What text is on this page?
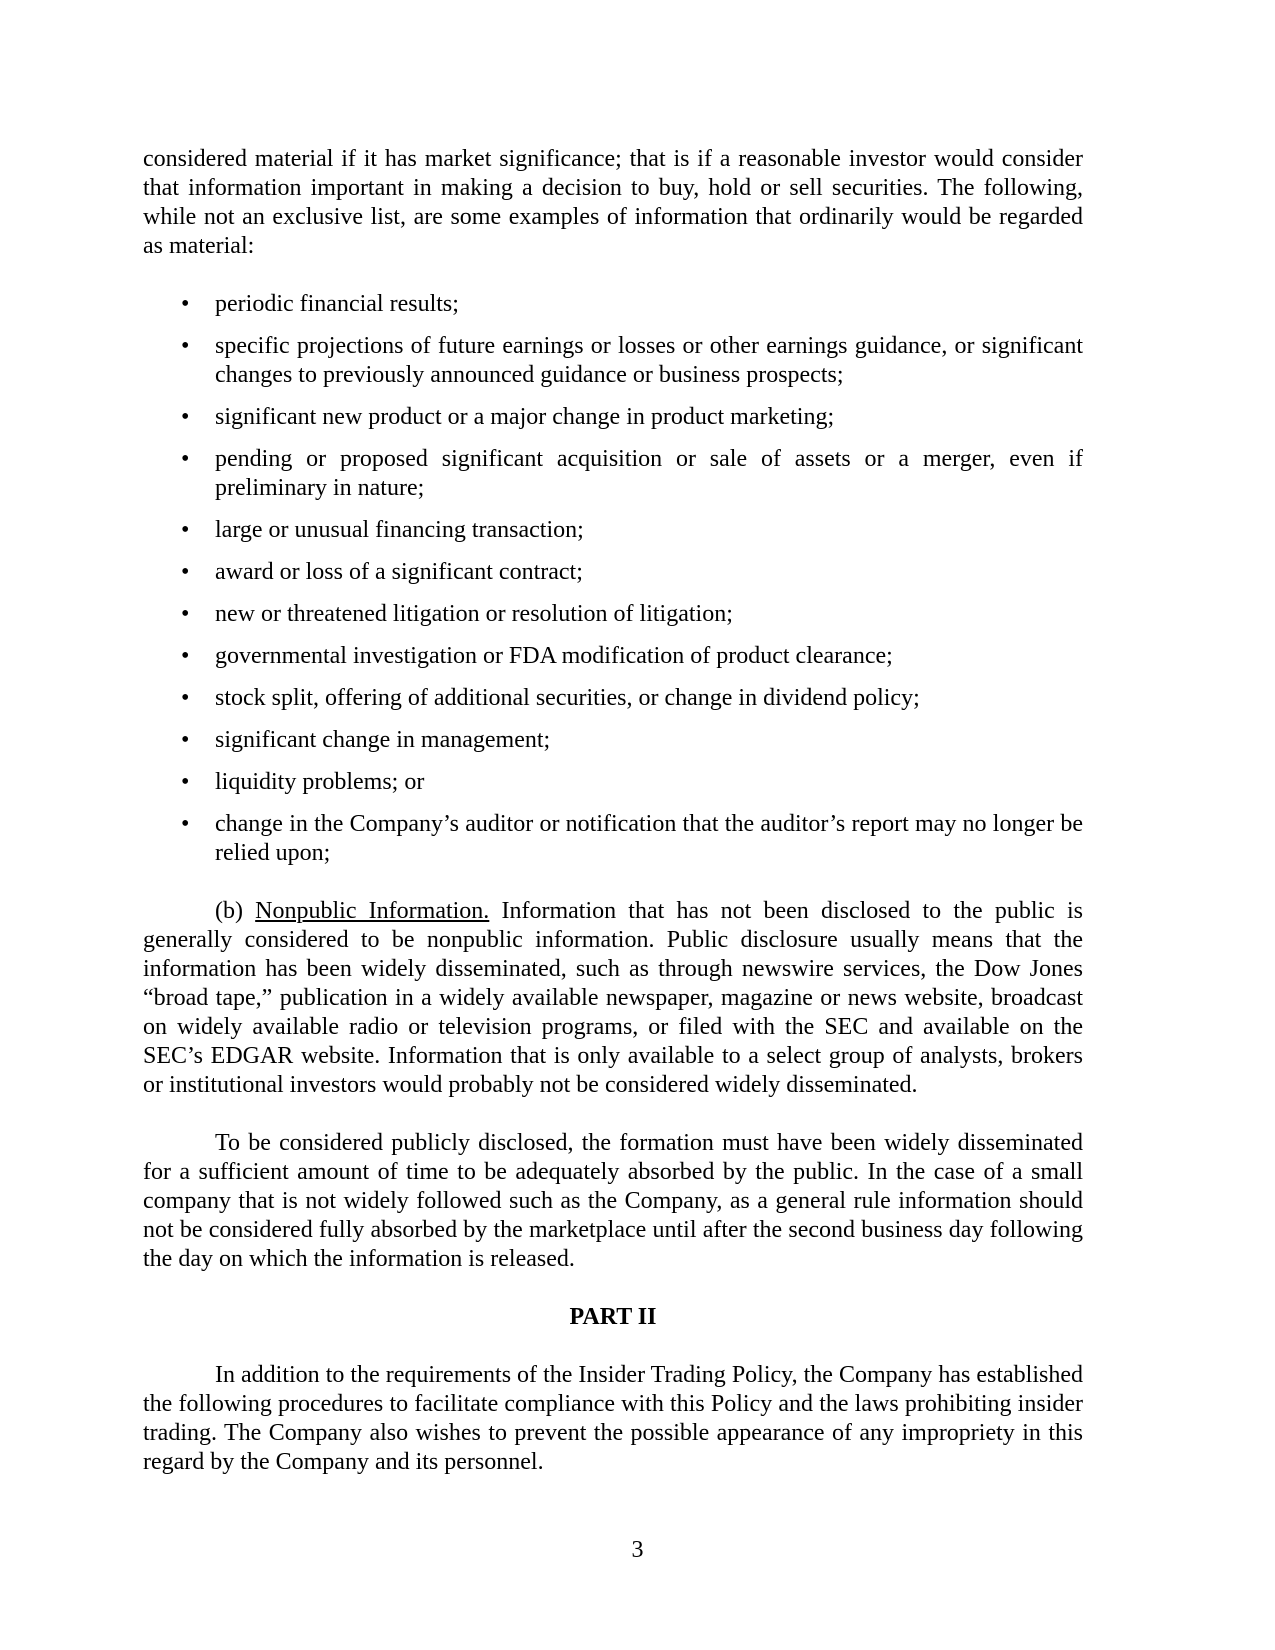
considered material if it has market significance; that is if a reasonable investor would consider that information important in making a decision to buy, hold or sell securities. The following, while not an exclusive list, are some examples of information that ordinarily would be regarded as material:

•	periodic financial results;
•	specific projections of future earnings or losses or other earnings guidance, or significant changes to previously announced guidance or business prospects;
•	significant new product or a major change in product marketing;
•	pending or proposed significant acquisition or sale of assets or a merger, even if preliminary in nature;
•	large or unusual financing transaction;
•	award or loss of a significant contract;
•	new or threatened litigation or resolution of litigation;
•	governmental investigation or FDA modification of product clearance;
•	stock split, offering of additional securities, or change in dividend policy;
•	significant change in management;
•	liquidity problems; or
•	change in the Company’s auditor or notification that the auditor’s report may no longer be relied upon;

(b) Nonpublic Information. Information that has not been disclosed to the public is generally considered to be nonpublic information. Public disclosure usually means that the information has been widely disseminated, such as through newswire services, the Dow Jones “broad tape,” publication in a widely available newspaper, magazine or news website, broadcast on widely available radio or television programs, or filed with the SEC and available on the SEC’s EDGAR website. Information that is only available to a select group of analysts, brokers or institutional investors would probably not be considered widely disseminated.

To be considered publicly disclosed, the formation must have been widely disseminated for a sufficient amount of time to be adequately absorbed by the public. In the case of a small company that is not widely followed such as the Company, as a general rule information should not be considered fully absorbed by the marketplace until after the second business day following the day on which the information is released.

PART II

In addition to the requirements of the Insider Trading Policy, the Company has established the following procedures to facilitate compliance with this Policy and the laws prohibiting insider trading. The Company also wishes to prevent the possible appearance of any impropriety in this regard by the Company and its personnel.

3
